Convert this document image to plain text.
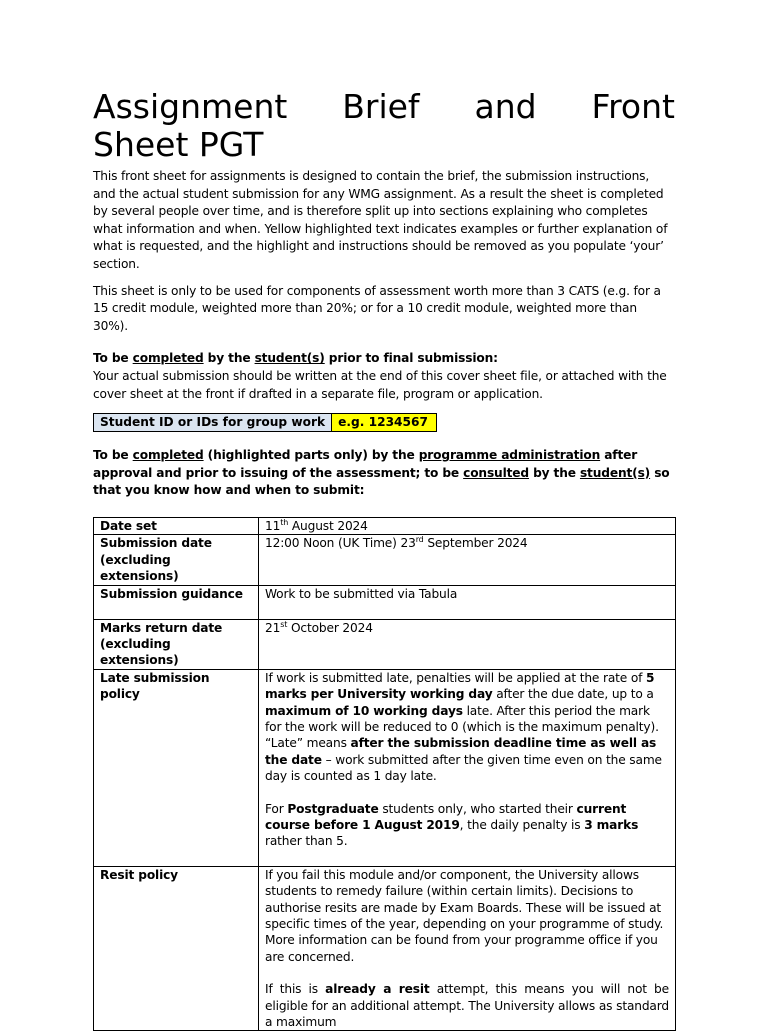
Assignment Brief and Front
Sheet PGT

This front sheet for assignments is designed to contain the brief, the submission instructions, and the actual student submission for any WMG assignment. As a result the sheet is completed by several people over time, and is therefore split up into sections explaining who completes what information and when. Yellow highlighted text indicates examples or further explanation of what is requested, and the highlight and instructions should be removed as you populate ‘your’ section.

This sheet is only to be used for components of assessment worth more than 3 CATS (e.g. for a 15 credit module, weighted more than 20%; or for a 10 credit module, weighted more than 30%).

To be completed by the student(s) prior to final submission:

Your actual submission should be written at the end of this cover sheet file, or attached with the cover sheet at the front if drafted in a separate file, program or application.

Student ID or IDs for group work	e.g. 1234567

To be completed (highlighted parts only) by the programme administration after approval and prior to issuing of the assessment; to be consulted by the student(s) so that you know how and when to submit:

Date set	11th August 2024
Submission date (excluding extensions)	12:00 Noon (UK Time) 23rd September 2024
Submission guidance	Work to be submitted via Tabula
Marks return date (excluding extensions)	21st October 2024
Late submission policy	If work is submitted late, penalties will be applied at the rate of 5 marks per University working day after the due date, up to a maximum of 10 working days late. After this period the mark for the work will be reduced to 0 (which is the maximum penalty). “Late” means after the submission deadline time as well as the date – work submitted after the given time even on the same day is counted as 1 day late.

For Postgraduate students only, who started their current course before 1 August 2019, the daily penalty is 3 marks rather than 5.

Resit policy	If you fail this module and/or component, the University allows students to remedy failure (within certain limits). Decisions to authorise resits are made by Exam Boards. These will be issued at specific times of the year, depending on your programme of study. More information can be found from your programme office if you are concerned.

If this is already a resit attempt, this means you will not be eligible for an additional attempt. The University allows as standard a maximum
